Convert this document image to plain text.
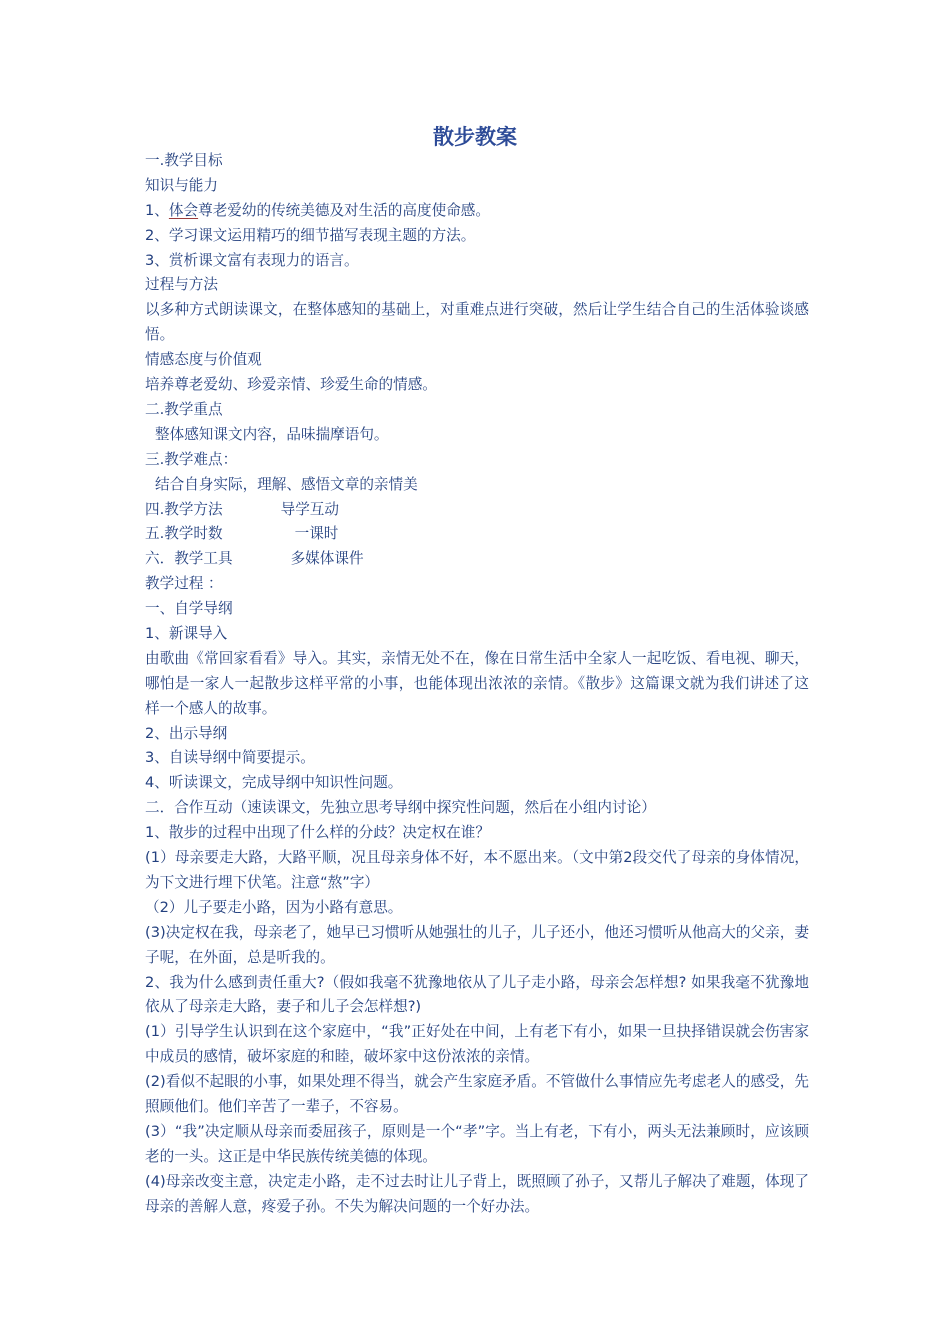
散步教案
一.教学目标
知识与能力
1、体会尊老爱幼的传统美德及对生活的高度使命感。
2、学习课文运用精巧的细节描写表现主题的方法。
3、赏析课文富有表现力的语言。
过程与方法
以多种方式朗读课文，在整体感知的基础上，对重难点进行突破，然后让学生结合自己的生活体验谈感悟。
情感态度与价值观
培养尊老爱幼、珍爱亲情、珍爱生命的情感。
二.教学重点
整体感知课文内容，品味揣摩语句。
三.教学难点：
结合自身实际，理解、感悟文章的亲情美
四.教学方法	导学互动
五.教学时数	一课时
六．教学工具	多媒体课件
教学过程 ：
一、自学导纲
1、新课导入
由歌曲《常回家看看》导入。其实，亲情无处不在，像在日常生活中全家人一起吃饭、看电视、聊天，哪怕是一家人一起散步这样平常的小事，也能体现出浓浓的亲情。《散步》这篇课文就为我们讲述了这样一个感人的故事。
2、出示导纲
3、自读导纲中简要提示。
4、听读课文，完成导纲中知识性问题。
二．合作互动（速读课文，先独立思考导纲中探究性问题，然后在小组内讨论）
1、散步的过程中出现了什么样的分歧？决定权在谁？
(1）母亲要走大路，大路平顺，况且母亲身体不好，本不愿出来。（文中第2段交代了母亲的身体情况，为下文进行埋下伏笔。注意“熬”字）
（2）儿子要走小路，因为小路有意思。
(3)决定权在我，母亲老了，她早已习惯听从她强壮的儿子，儿子还小，他还习惯听从他高大的父亲，妻子呢，在外面，总是听我的。
2、我为什么感到责任重大?（假如我毫不犹豫地依从了儿子走小路，母亲会怎样想? 如果我毫不犹豫地依从了母亲走大路，妻子和儿子会怎样想?)
(1）引导学生认识到在这个家庭中，“我”正好处在中间，上有老下有小，如果一旦抉择错误就会伤害家中成员的感情，破坏家庭的和睦，破坏家中这份浓浓的亲情。
(2)看似不起眼的小事，如果处理不得当，就会产生家庭矛盾。不管做什么事情应先考虑老人的感受，先照顾他们。他们辛苦了一辈子，不容易。
(3）“我”决定顺从母亲而委屈孩子，原则是一个“孝”字。当上有老，下有小，两头无法兼顾时，应该顾老的一头。这正是中华民族传统美德的体现。
(4)母亲改变主意，决定走小路，走不过去时让儿子背上，既照顾了孙子，又帮儿子解决了难题，体现了母亲的善解人意，疼爱子孙。不失为解决问题的一个好办法。
